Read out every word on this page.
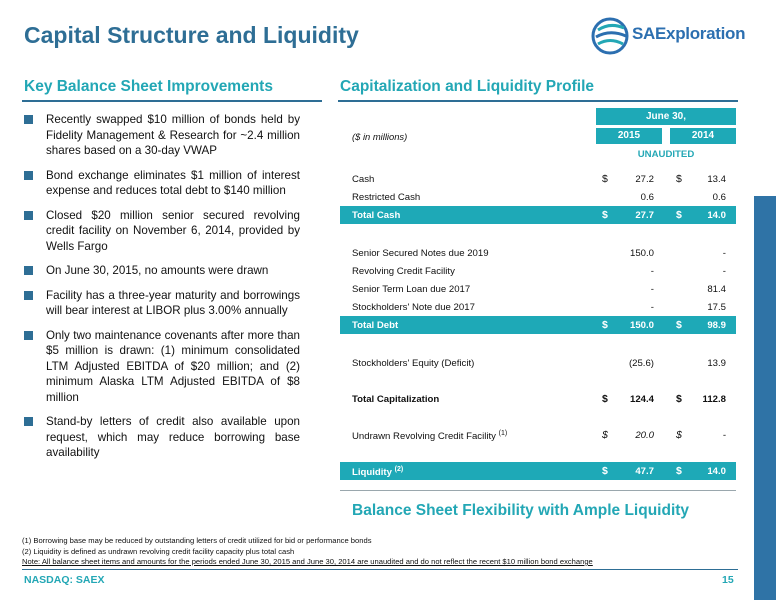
Capital Structure and Liquidity	SAExploration
Key Balance Sheet Improvements	Capitalization and Liquidity Profile
Recently swapped $10 million of bonds held by Fidelity Management & Research for ~2.4 million shares based on a 30-day VWAP
Bond exchange eliminates $1 million of interest expense and reduces total debt to $140 million
Closed $20 million senior secured revolving credit facility on November 6, 2014, provided by Wells Fargo
On June 30, 2015, no amounts were drawn
Facility has a three-year maturity and borrowings will bear interest at LIBOR plus 3.00% annually
Only two maintenance covenants after more than $5 million is drawn: (1) minimum consolidated LTM Adjusted EBITDA of $20 million; and (2) minimum Alaska LTM Adjusted EBITDA of $8 million
Stand-by letters of credit also available upon request, which may reduce borrowing base availability
June 30,
($ in millions)	2015	2014
UNAUDITED
Cash	$	27.2 $	13.4
Restricted Cash	0.6	0.6
Total Cash	$	27.7 $	14.0
Senior Secured Notes due 2019	150.0	-
Revolving Credit Facility	-	-
Senior Term Loan due 2017	-	81.4
Stockholders' Note due 2017	-	17.5
Total Debt	$ 150.0 $	98.9
Stockholders' Equity (Deficit)	(25.6)	13.9
Total Capitalization	$ 124.4 $ 112.8
Undrawn Revolving Credit Facility $^{(1)}$	$	20.0 $	-
Liquidity $^{(2)}$	$	47.7 $	14.0
Balance Sheet Flexibility with Ample Liquidity
(1) Borrowing base may be reduced by outstanding letters of credit utilized for bid or performance bonds
(2) Liquidity is defined as undrawn revolving credit facility capacity plus total cash
Note: All balance sheet items and amounts for the periods ended June 30, 2015 and June 30, 2014 are unaudited and do not reflect the recent $10 million bond exchange
NASDAQ: SAEX	15
